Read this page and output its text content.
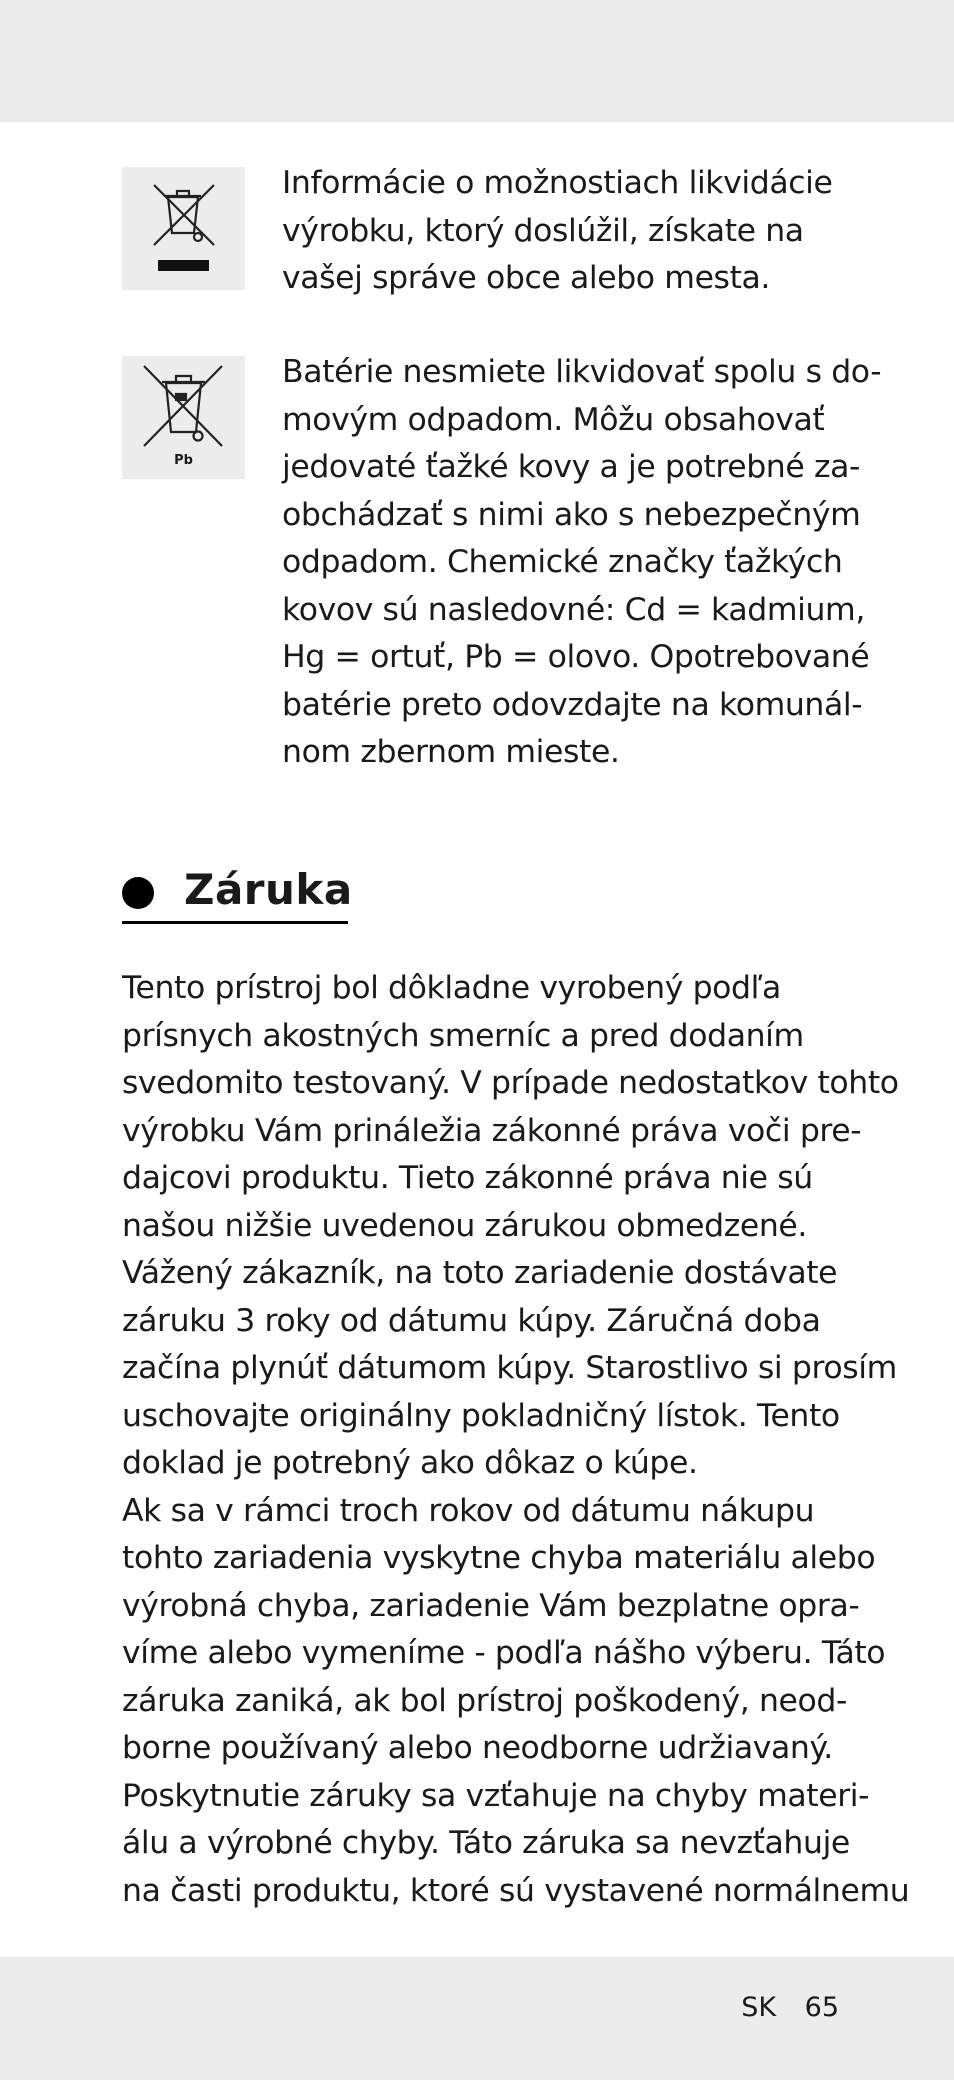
Informácie o možnostiach likvidácie
výrobku, ktorý doslúžil, získate na
vašej správe obce alebo mesta.
Pb
Batérie nesmiete likvidovať spolu s do-
movým odpadom. Môžu obsahovať
jedovaté ťažké kovy a je potrebné za-
obchádzať s nimi ako s nebezpečným
odpadom. Chemické značky ťažkých
kovov sú nasledovné: Cd = kadmium,
Hg = ortuť, Pb = olovo. Opotrebované
batérie preto odovzdajte na komunál-
nom zbernom mieste.
Záruka
Tento prístroj bol dôkladne vyrobený podľa
prísnych akostných smerníc a pred dodaním
svedomito testovaný. V prípade nedostatkov tohto
výrobku Vám prináležia zákonné práva voči pre-
dajcovi produktu. Tieto zákonné práva nie sú
našou nižšie uvedenou zárukou obmedzené.
Vážený zákazník, na toto zariadenie dostávate
záruku 3 roky od dátumu kúpy. Záručná doba
začína plynúť dátumom kúpy. Starostlivo si prosím
uschovajte originálny pokladničný lístok. Tento
doklad je potrebný ako dôkaz o kúpe.
Ak sa v rámci troch rokov od dátumu nákupu
tohto zariadenia vyskytne chyba materiálu alebo
výrobná chyba, zariadenie Vám bezplatne opra-
víme alebo vymeníme - podľa nášho výberu. Táto
záruka zaniká, ak bol prístroj poškodený, neod-
borne používaný alebo neodborne udržiavaný.
Poskytnutie záruky sa vzťahuje na chyby materi-
álu a výrobné chyby. Táto záruka sa nevzťahuje
na časti produktu, ktoré sú vystavené normálnemu
SK 65
